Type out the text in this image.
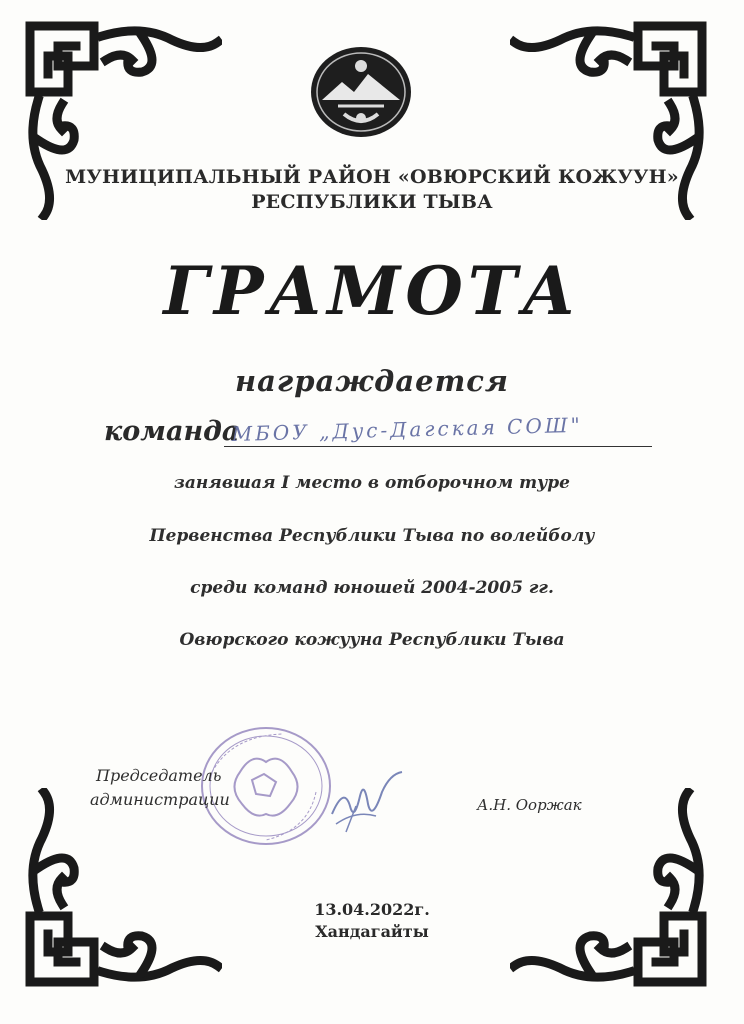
МУНИЦИПАЛЬНЫЙ РАЙОН «ОВЮРСКИЙ КОЖУУН»
РЕСПУБЛИКИ ТЫВА
ГРАМОТА
награждается
команда
МБОУ „Дус-Дагская СОШ"
занявшая I место в отборочном туре
Первенства Республики Тыва по волейболу
среди команд юношей 2004-2005 гг.
Овюрского кожууна Республики Тыва
Председатель
администрации	А.Н. Ооржак
13.04.2022г.
Хандагайты
